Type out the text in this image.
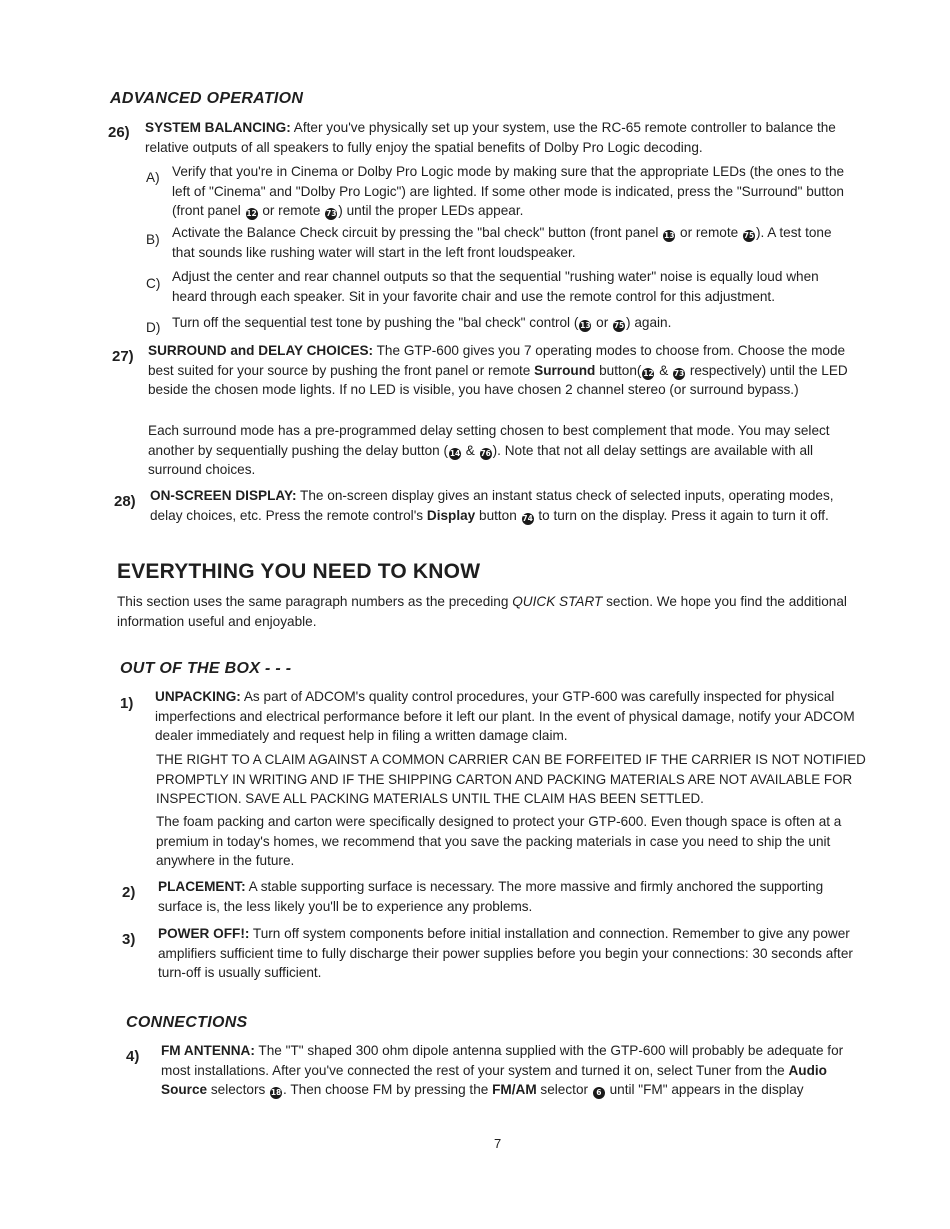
ADVANCED OPERATION
26) SYSTEM BALANCING: After you've physically set up your system, use the RC-65 remote controller to balance the relative outputs of all speakers to fully enjoy the spatial benefits of Dolby Pro Logic decoding.
A) Verify that you're in Cinema or Dolby Pro Logic mode by making sure that the appropriate LEDs (the ones to the left of "Cinema" and "Dolby Pro Logic") are lighted. If some other mode is indicated, press the "Surround" button (front panel 12 or remote 73 ) until the proper LEDs appear.
B) Activate the Balance Check circuit by pressing the "bal check" button (front panel 13 or remote 75 ). A test tone that sounds like rushing water will start in the left front loudspeaker.
C) Adjust the center and rear channel outputs so that the sequential "rushing water" noise is equally loud when heard through each speaker. Sit in your favorite chair and use the remote control for this adjustment.
D) Turn off the sequential test tone by pushing the "bal check" control ( 13 or 75 ) again.
27) SURROUND and DELAY CHOICES: The GTP-600 gives you 7 operating modes to choose from. Choose the mode best suited for your source by pushing the front panel or remote Surround button( 12 & 73 respectively) until the LED beside the chosen mode lights. If no LED is visible, you have chosen 2 channel stereo (or surround bypass.)
Each surround mode has a pre-programmed delay setting chosen to best complement that mode. You may select another by sequentially pushing the delay button ( 14 & 76 ). Note that not all delay settings are available with all surround choices.
28) ON-SCREEN DISPLAY: The on-screen display gives an instant status check of selected inputs, operating modes, delay choices, etc. Press the remote control's Display button 74 to turn on the display. Press it again to turn it off.
EVERYTHING YOU NEED TO KNOW
This section uses the same paragraph numbers as the preceding QUICK START section. We hope you find the additional information useful and enjoyable.
OUT OF THE BOX - - -
1) UNPACKING: As part of ADCOM's quality control procedures, your GTP-600 was carefully inspected for physical imperfections and electrical performance before it left our plant. In the event of physical damage, notify your ADCOM dealer immediately and request help in filing a written damage claim.
THE RIGHT TO A CLAIM AGAINST A COMMON CARRIER CAN BE FORFEITED IF THE CARRIER IS NOT NOTIFIED PROMPTLY IN WRITING AND IF THE SHIPPING CARTON AND PACKING MATERIALS ARE NOT AVAILABLE FOR INSPECTION. SAVE ALL PACKING MATERIALS UNTIL THE CLAIM HAS BEEN SETTLED.
The foam packing and carton were specifically designed to protect your GTP-600. Even though space is often at a premium in today's homes, we recommend that you save the packing materials in case you need to ship the unit anywhere in the future.
2) PLACEMENT: A stable supporting surface is necessary. The more massive and firmly anchored the supporting surface is, the less likely you'll be to experience any problems.
3) POWER OFF!: Turn off system components before initial installation and connection. Remember to give any power amplifiers sufficient time to fully discharge their power supplies before you begin your connections: 30 seconds after turn-off is usually sufficient.
CONNECTIONS
4) FM ANTENNA: The "T" shaped 300 ohm dipole antenna supplied with the GTP-600 will probably be adequate for most installations. After you've connected the rest of your system and turned it on, select Tuner from the Audio Source selectors 18 . Then choose FM by pressing the FM/AM selector 6 until "FM" appears in the display
7
